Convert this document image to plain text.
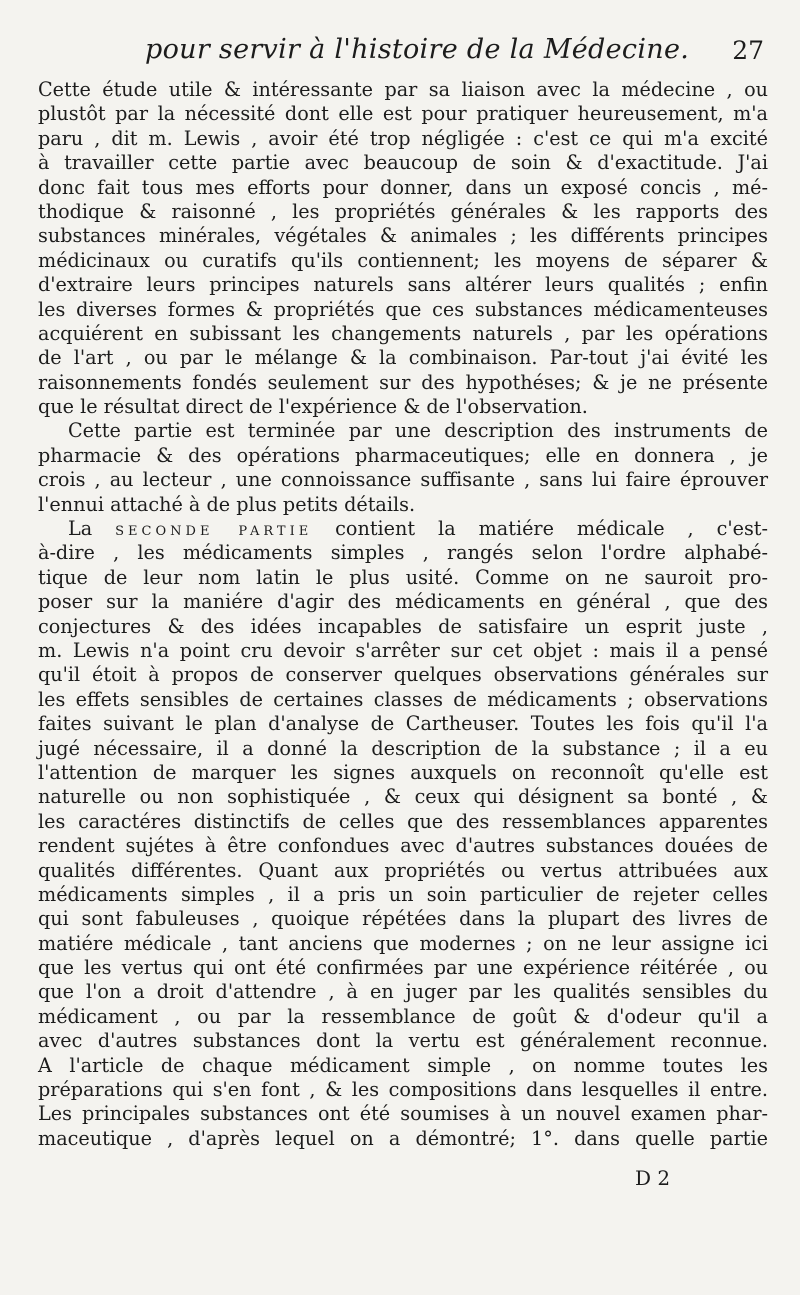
pour servir à l'histoire de la Médecine. 27
Cette étude utile & intéressante par sa liaison avec la médecine , ou
plustôt par la nécessité dont elle est pour pratiquer heureusement, m'a
paru , dit m. Lewis , avoir été trop négligée : c'est ce qui m'a excité
à travailler cette partie avec beaucoup de soin & d'exactitude. J'ai
donc fait tous mes efforts pour donner, dans un exposé concis , mé-
thodique & raisonné , les propriétés générales & les rapports des
substances minérales, végétales & animales ; les différents principes
médicinaux ou curatifs qu'ils contiennent; les moyens de séparer &
d'extraire leurs principes naturels sans altérer leurs qualités ; enfin
les diverses formes & propriétés que ces substances médicamenteuses
acquiérent en subissant les changements naturels , par les opérations
de l'art , ou par le mélange & la combinaison. Par-tout j'ai évité les
raisonnements fondés seulement sur des hypothéses; & je ne présente
que le résultat direct de l'expérience & de l'observation.
Cette partie est terminée par une description des instruments de
pharmacie & des opérations pharmaceutiques; elle en donnera , je
crois , au lecteur , une connoissance suffisante , sans lui faire éprouver
l'ennui attaché à de plus petits détails.
La SECONDE PARTIE contient la matiére médicale , c'est-
à-dire , les médicaments simples , rangés selon l'ordre alphabé-
tique de leur nom latin le plus usité. Comme on ne sauroit pro-
poser sur la maniére d'agir des médicaments en général , que des
conjectures & des idées incapables de satisfaire un esprit juste ,
m. Lewis n'a point cru devoir s'arrêter sur cet objet : mais il a pensé
qu'il étoit à propos de conserver quelques observations générales sur
les effets sensibles de certaines classes de médicaments ; observations
faites suivant le plan d'analyse de Cartheuser. Toutes les fois qu'il l'a
jugé nécessaire, il a donné la description de la substance ; il a eu
l'attention de marquer les signes auxquels on reconnoît qu'elle est
naturelle ou non sophistiquée , & ceux qui désignent sa bonté , &
les caractéres distinctifs de celles que des ressemblances apparentes
rendent sujétes à être confondues avec d'autres substances douées de
qualités différentes. Quant aux propriétés ou vertus attribuées aux
médicaments simples , il a pris un soin particulier de rejeter celles
qui sont fabuleuses , quoique répétées dans la plupart des livres de
matiére médicale , tant anciens que modernes ; on ne leur assigne ici
que les vertus qui ont été confirmées par une expérience réitérée , ou
que l'on a droit d'attendre , à en juger par les qualités sensibles du
médicament , ou par la ressemblance de goût & d'odeur qu'il a
avec d'autres substances dont la vertu est généralement reconnue.
A l'article de chaque médicament simple , on nomme toutes les
préparations qui s'en font , & les compositions dans lesquelles il entre.
Les principales substances ont été soumises à un nouvel examen phar-
maceutique , d'après lequel on a démontré; 1°. dans quelle partie
D 2
